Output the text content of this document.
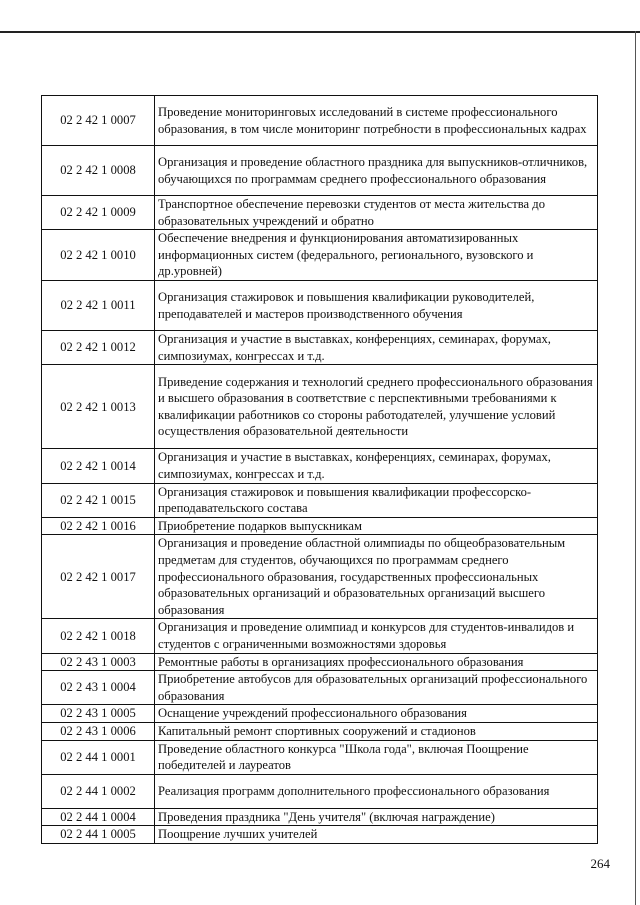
02 2 42 1 0007	Проведение мониторинговых исследований в системе профессионального образования, в том числе мониторинг потребности в профессиональных кадрах
02 2 42 1 0008	Организация и проведение областного праздника для выпускников-отличников, обучающихся по программам среднего профессионального образования
02 2 42 1 0009	Транспортное обеспечение перевозки студентов от места жительства до образовательных учреждений и обратно
02 2 42 1 0010	Обеспечение внедрения и функционирования автоматизированных информационных систем (федерального, регионального, вузовского и др.уровней)
02 2 42 1 0011	Организация стажировок и повышения квалификации руководителей, преподавателей и мастеров производственного обучения
02 2 42 1 0012	Организация и участие в выставках, конференциях, семинарах, форумах, симпозиумах, конгрессах и т.д.
02 2 42 1 0013	Приведение содержания и технологий среднего профессионального образования и высшего образования в соответствие с перспективными требованиями к квалификации работников со стороны работодателей, улучшение условий осуществления образовательной деятельности
02 2 42 1 0014	Организация и участие в выставках, конференциях, семинарах, форумах, симпозиумах, конгрессах и т.д.
02 2 42 1 0015	Организация стажировок и повышения квалификации профессорско-преподавательского состава
02 2 42 1 0016	Приобретение подарков выпускникам
02 2 42 1 0017	Организация и проведение областной олимпиады по общеобразовательным предметам для студентов, обучающихся по программам среднего профессионального образования, государственных профессиональных образовательных организаций и образовательных организаций высшего образования
02 2 42 1 0018	Организация и проведение олимпиад и конкурсов для студентов-инвалидов и студентов с ограниченными возможностями здоровья
02 2 43 1 0003	Ремонтные работы в организациях профессионального образования
02 2 43 1 0004	Приобретение автобусов для образовательных организаций профессионального образования
02 2 43 1 0005	Оснащение учреждений профессионального образования
02 2 43 1 0006	Капитальный ремонт спортивных сооружений и стадионов
02 2 44 1 0001	Проведение областного конкурса "Школа года", включая Поощрение победителей и лауреатов
02 2 44 1 0002	Реализация программ дополнительного профессионального образования
02 2 44 1 0004	Проведения праздника "День учителя" (включая награждение)
02 2 44 1 0005	Поощрение лучших учителей
264
